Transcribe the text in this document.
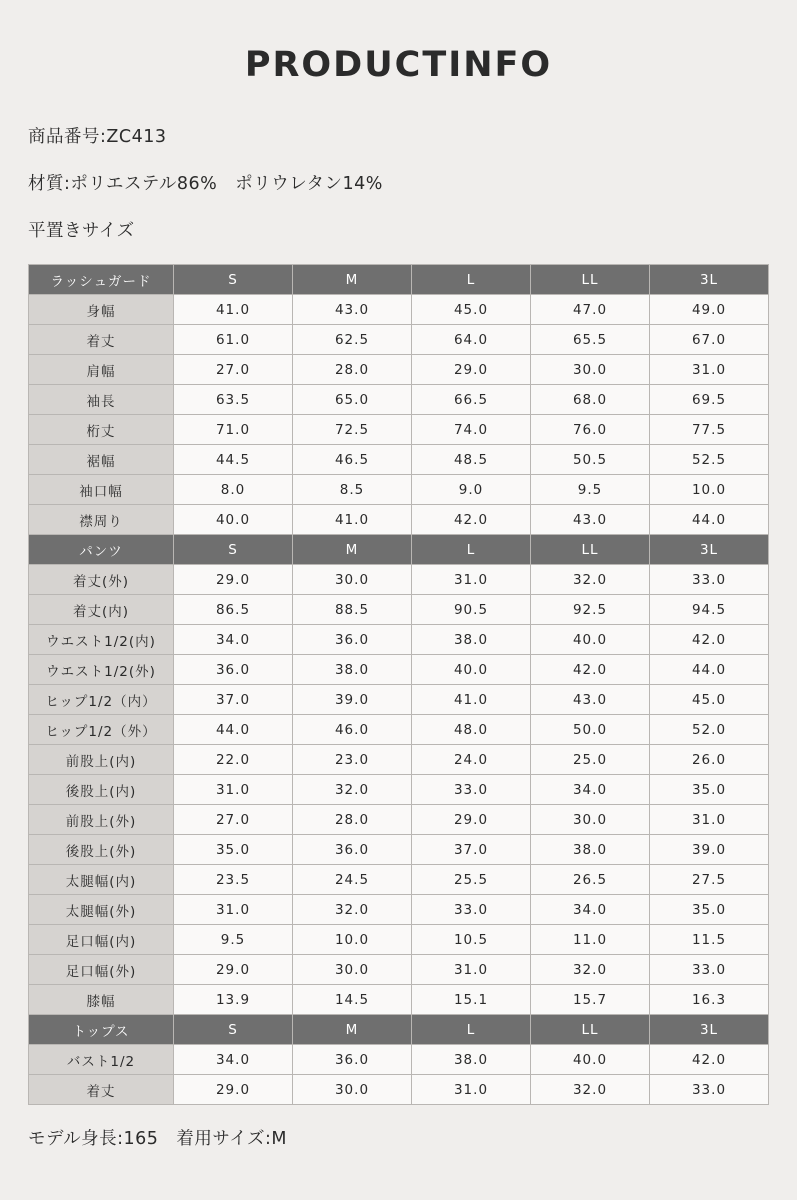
PRODUCTINFO
商品番号:ZC413
材質:ポリエステル86%　ポリウレタン14%
平置きサイズ
ラッシュガード	S	M	L	LL	3L
身幅	41.0	43.0	45.0	47.0	49.0
着丈	61.0	62.5	64.0	65.5	67.0
肩幅	27.0	28.0	29.0	30.0	31.0
袖長	63.5	65.0	66.5	68.0	69.5
桁丈	71.0	72.5	74.0	76.0	77.5
裾幅	44.5	46.5	48.5	50.5	52.5
袖口幅	8.0	8.5	9.0	9.5	10.0
襟周り	40.0	41.0	42.0	43.0	44.0
パンツ	S	M	L	LL	3L
着丈(外)	29.0	30.0	31.0	32.0	33.0
着丈(内)	86.5	88.5	90.5	92.5	94.5
ウエスト1/2(内)	34.0	36.0	38.0	40.0	42.0
ウエスト1/2(外)	36.0	38.0	40.0	42.0	44.0
ヒップ1/2（内）	37.0	39.0	41.0	43.0	45.0
ヒップ1/2（外）	44.0	46.0	48.0	50.0	52.0
前股上(内)	22.0	23.0	24.0	25.0	26.0
後股上(内)	31.0	32.0	33.0	34.0	35.0
前股上(外)	27.0	28.0	29.0	30.0	31.0
後股上(外)	35.0	36.0	37.0	38.0	39.0
太腿幅(内)	23.5	24.5	25.5	26.5	27.5
太腿幅(外)	31.0	32.0	33.0	34.0	35.0
足口幅(内)	9.5	10.0	10.5	11.0	11.5
足口幅(外)	29.0	30.0	31.0	32.0	33.0
膝幅	13.9	14.5	15.1	15.7	16.3
トップス	S	M	L	LL	3L
バスト1/2	34.0	36.0	38.0	40.0	42.0
着丈	29.0	30.0	31.0	32.0	33.0
モデル身長:165　着用サイズ:M
